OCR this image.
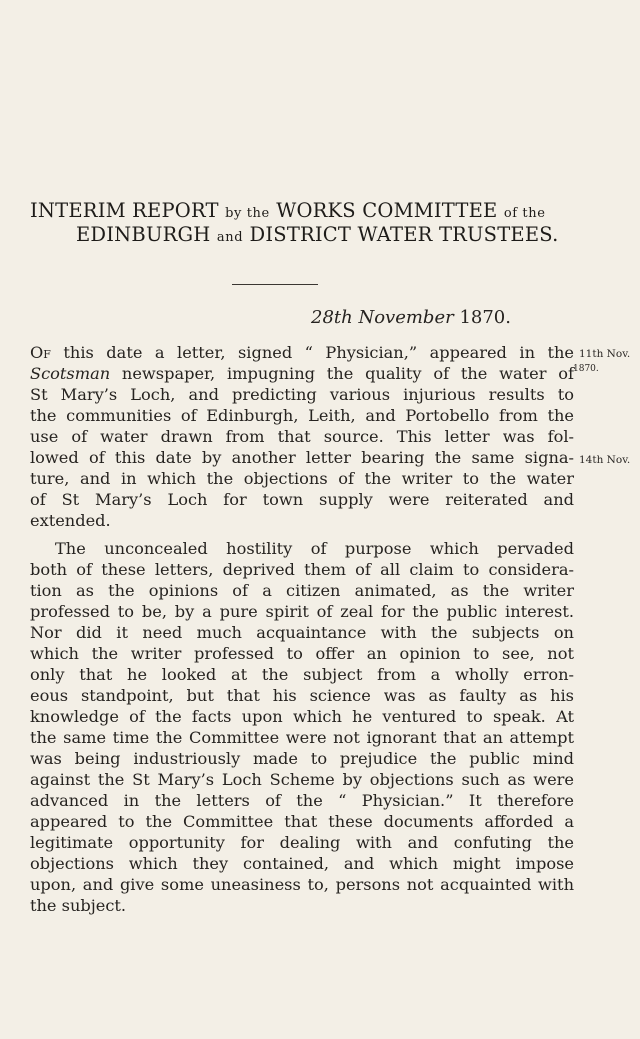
INTERIM REPORT by the WORKS COMMITTEE of the
EDINBURGH and DISTRICT WATER TRUSTEES.
28th November 1870.
Of this date a letter, signed “ Physician,” appeared in the
Scotsman newspaper, impugning the quality of the water of
St Mary’s Loch, and predicting various injurious results to
the communities of Edinburgh, Leith, and Portobello from the
use of water drawn from that source. This letter was fol-
lowed of this date by another letter bearing the same signa-
ture, and in which the objections of the writer to the water
of St Mary’s Loch for town supply were reiterated and
extended.
11th Nov.
$^{1870.}$
14th Nov.
The unconcealed hostility of purpose which pervaded
both of these letters, deprived them of all claim to considera-
tion as the opinions of a citizen animated, as the writer
professed to be, by a pure spirit of zeal for the public interest.
Nor did it need much acquaintance with the subjects on
which the writer professed to offer an opinion to see, not
only that he looked at the subject from a wholly erron-
eous standpoint, but that his science was as faulty as his
knowledge of the facts upon which he ventured to speak. At
the same time the Committee were not ignorant that an attempt
was being industriously made to prejudice the public mind
against the St Mary’s Loch Scheme by objections such as were
advanced in the letters of the “ Physician.” It therefore
appeared to the Committee that these documents afforded a
legitimate opportunity for dealing with and confuting the
objections which they contained, and which might impose
upon, and give some uneasiness to, persons not acquainted with
the subject.
